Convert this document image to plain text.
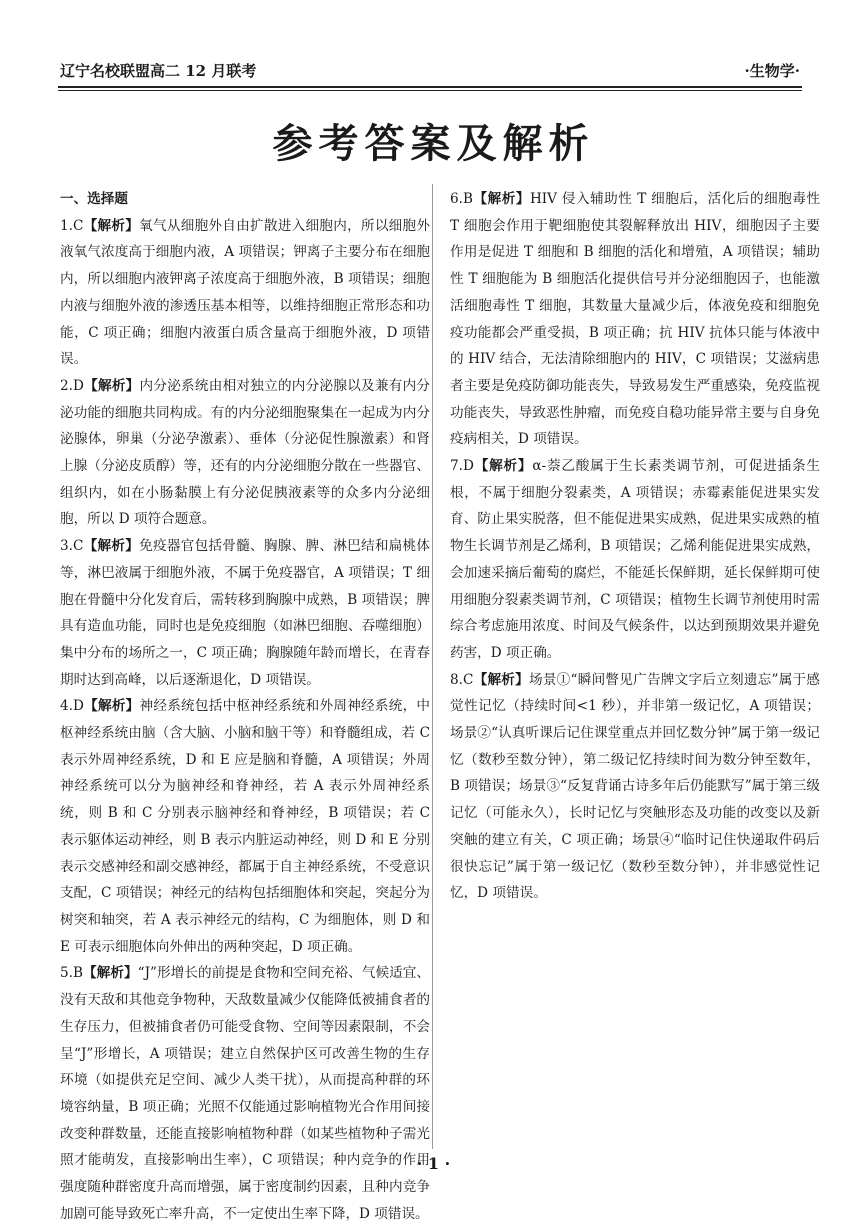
辽宁名校联盟高二 12 月联考	·生物学·
参考答案及解析

一、选择题

1.C【解析】氧气从细胞外自由扩散进入细胞内，所以细胞外液氧气浓度高于细胞内液，A 项错误；钾离子主要分布在细胞内，所以细胞内液钾离子浓度高于细胞外液，B 项错误；细胞内液与细胞外液的渗透压基本相等，以维持细胞正常形态和功能，C 项正确；细胞内液蛋白质含量高于细胞外液，D 项错误。

2.D【解析】内分泌系统由相对独立的内分泌腺以及兼有内分泌功能的细胞共同构成。有的内分泌细胞聚集在一起成为内分泌腺体，卵巢（分泌孕激素）、垂体（分泌促性腺激素）和肾上腺（分泌皮质醇）等，还有的内分泌细胞分散在一些器官、组织内，如在小肠黏膜上有分泌促胰液素等的众多内分泌细胞，所以 D 项符合题意。

3.C【解析】免疫器官包括骨髓、胸腺、脾、淋巴结和扁桃体等，淋巴液属于细胞外液，不属于免疫器官，A 项错误；T 细胞在骨髓中分化发育后，需转移到胸腺中成熟，B 项错误；脾具有造血功能，同时也是免疫细胞（如淋巴细胞、吞噬细胞）集中分布的场所之一，C 项正确；胸腺随年龄而增长，在青春期时达到高峰，以后逐渐退化，D 项错误。

4.D【解析】神经系统包括中枢神经系统和外周神经系统，中枢神经系统由脑（含大脑、小脑和脑干等）和脊髓组成，若 C 表示外周神经系统，D 和 E 应是脑和脊髓，A 项错误；外周神经系统可以分为脑神经和脊神经，若 A 表示外周神经系统，则 B 和 C 分别表示脑神经和脊神经，B 项错误；若 C 表示躯体运动神经，则 B 表示内脏运动神经，则 D 和 E 分别表示交感神经和副交感神经，都属于自主神经系统，不受意识支配，C 项错误；神经元的结构包括细胞体和突起，突起分为树突和轴突，若 A 表示神经元的结构，C 为细胞体，则 D 和 E 可表示细胞体向外伸出的两种突起，D 项正确。

5.B【解析】“J”形增长的前提是食物和空间充裕、气候适宜、没有天敌和其他竞争物种，天敌数量减少仅能降低被捕食者的生存压力，但被捕食者仍可能受食物、空间等因素限制，不会呈“J”形增长，A 项错误；建立自然保护区可改善生物的生存环境（如提供充足空间、减少人类干扰），从而提高种群的环境容纳量，B 项正确；光照不仅能通过影响植物光合作用间接改变种群数量，还能直接影响植物种群（如某些植物种子需光照才能萌发，直接影响出生率），C 项错误；种内竞争的作用强度随种群密度升高而增强，属于密度制约因素，且种内竞争加剧可能导致死亡率升高，不一定使出生率下降，D 项错误。

6.B【解析】HIV 侵入辅助性 T 细胞后，活化后的细胞毒性 T 细胞会作用于靶细胞使其裂解释放出 HIV，细胞因子主要作用是促进 T 细胞和 B 细胞的活化和增殖，A 项错误；辅助性 T 细胞能为 B 细胞活化提供信号并分泌细胞因子，也能激活细胞毒性 T 细胞，其数量大量减少后，体液免疫和细胞免疫功能都会严重受损，B 项正确；抗 HIV 抗体只能与体液中的 HIV 结合，无法清除细胞内的 HIV，C 项错误；艾滋病患者主要是免疫防御功能丧失，导致易发生严重感染，免疫监视功能丧失，导致恶性肿瘤，而免疫自稳功能异常主要与自身免疫病相关，D 项错误。

7.D【解析】α-萘乙酸属于生长素类调节剂，可促进插条生根，不属于细胞分裂素类，A 项错误；赤霉素能促进果实发育、防止果实脱落，但不能促进果实成熟，促进果实成熟的植物生长调节剂是乙烯利，B 项错误；乙烯利能促进果实成熟，会加速采摘后葡萄的腐烂，不能延长保鲜期，延长保鲜期可使用细胞分裂素类调节剂，C 项错误；植物生长调节剂使用时需综合考虑施用浓度、时间及气候条件，以达到预期效果并避免药害，D 项正确。

8.C【解析】场景①“瞬间瞥见广告牌文字后立刻遗忘”属于感觉性记忆（持续时间<1 秒），并非第一级记忆，A 项错误；场景②“认真听课后记住课堂重点并回忆数分钟”属于第一级记忆（数秒至数分钟），第二级记忆持续时间为数分钟至数年，B 项错误；场景③“反复背诵古诗多年后仍能默写”属于第三级记忆（可能永久），长时记忆与突触形态及功能的改变以及新突触的建立有关，C 项正确；场景④“临时记住快递取件码后很快忘记”属于第一级记忆（数秒至数分钟），并非感觉性记忆，D 项错误。

· 1 ·
